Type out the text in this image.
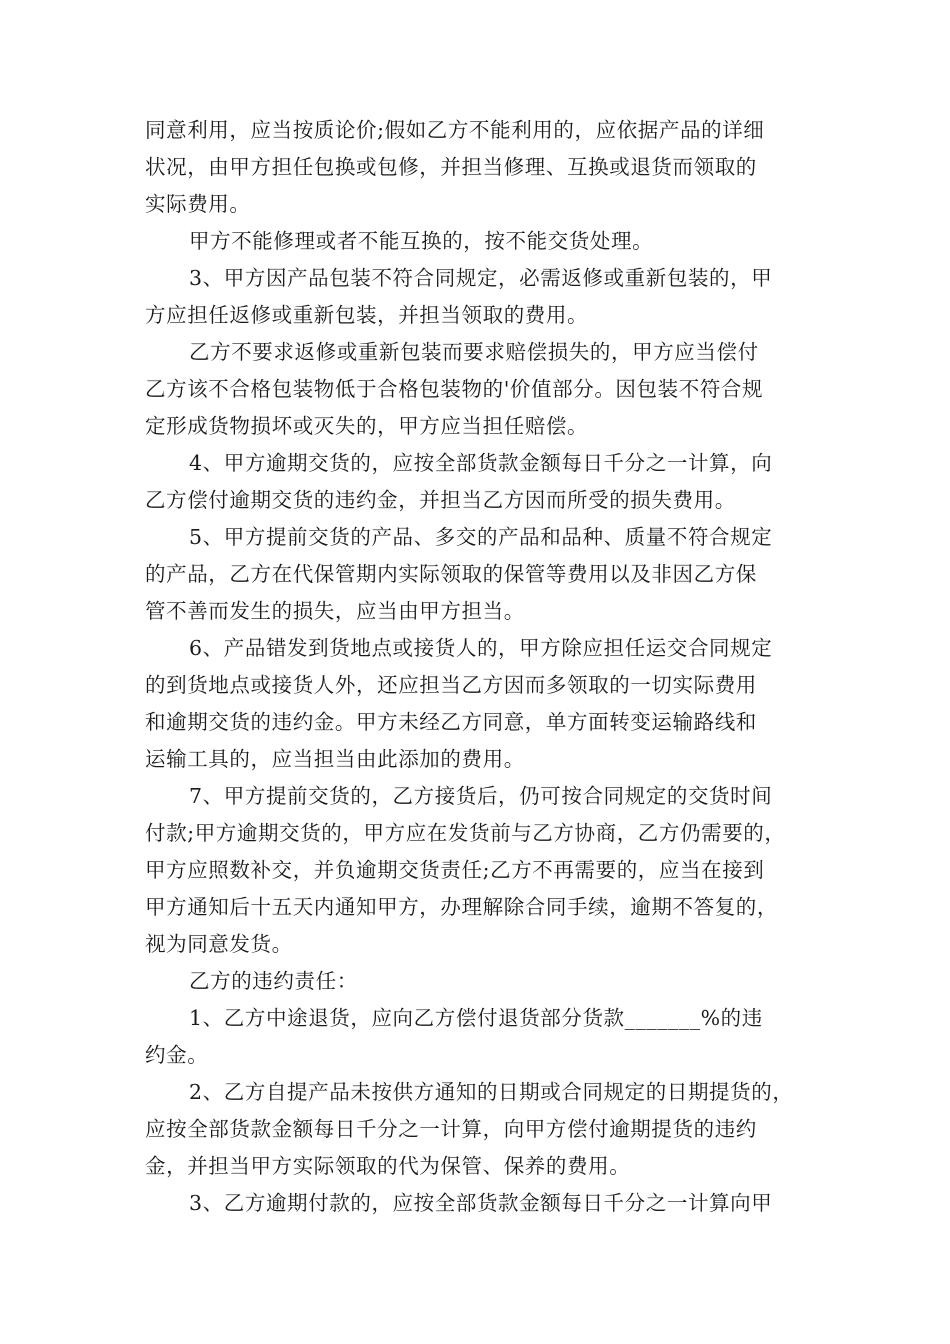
同意利用，应当按质论价;假如乙方不能利用的，应依据产品的详细
状况，由甲方担任包换或包修，并担当修理、互换或退货而领取的
实际费用。
甲方不能修理或者不能互换的，按不能交货处理。
3、甲方因产品包装不符合同规定，必需返修或重新包装的，甲
方应担任返修或重新包装，并担当领取的费用。
乙方不要求返修或重新包装而要求赔偿损失的，甲方应当偿付
乙方该不合格包装物低于合格包装物的'价值部分。因包装不符合规
定形成货物损坏或灭失的，甲方应当担任赔偿。
4、甲方逾期交货的，应按全部货款金额每日千分之一计算，向
乙方偿付逾期交货的违约金，并担当乙方因而所受的损失费用。
5、甲方提前交货的产品、多交的产品和品种、质量不符合规定
的产品，乙方在代保管期内实际领取的保管等费用以及非因乙方保
管不善而发生的损失，应当由甲方担当。
6、产品错发到货地点或接货人的，甲方除应担任运交合同规定
的到货地点或接货人外，还应担当乙方因而多领取的一切实际费用
和逾期交货的违约金。甲方未经乙方同意，单方面转变运输路线和
运输工具的，应当担当由此添加的费用。
7、甲方提前交货的，乙方接货后，仍可按合同规定的交货时间
付款;甲方逾期交货的，甲方应在发货前与乙方协商，乙方仍需要的，
甲方应照数补交，并负逾期交货责任;乙方不再需要的，应当在接到
甲方通知后十五天内通知甲方，办理解除合同手续，逾期不答复的，
视为同意发货。
乙方的违约责任：
1、乙方中途退货，应向乙方偿付退货部分货款_______%的违
约金。
2、乙方自提产品未按供方通知的日期或合同规定的日期提货的，
应按全部货款金额每日千分之一计算，向甲方偿付逾期提货的违约
金，并担当甲方实际领取的代为保管、保养的费用。
3、乙方逾期付款的，应按全部货款金额每日千分之一计算向甲
